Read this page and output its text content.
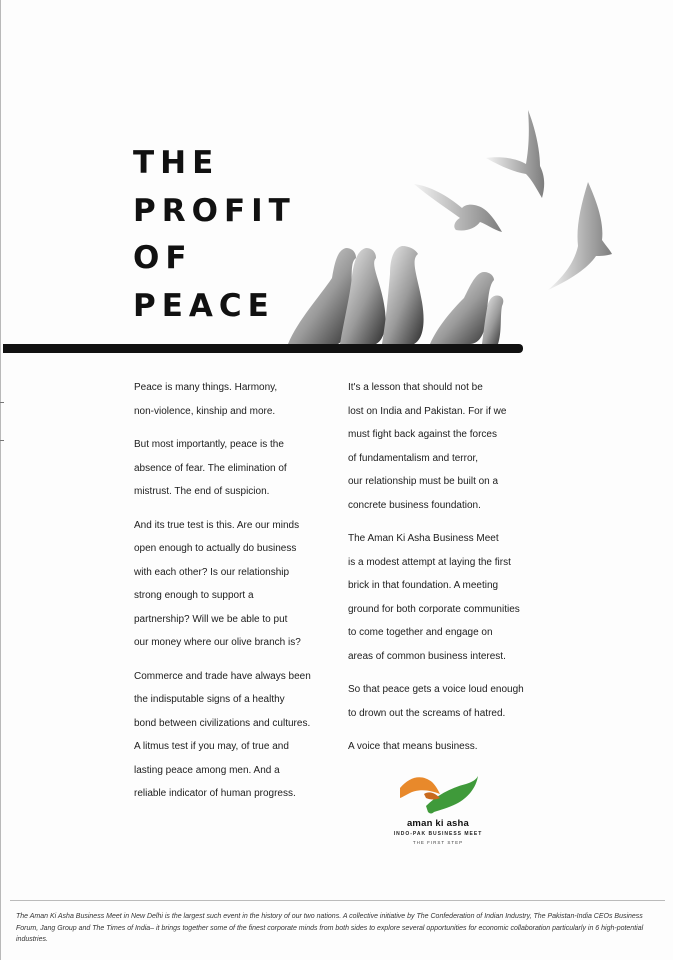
THE
PROFIT
OF
PEACE

Peace is many things. Harmony,
non-violence, kinship and more.

But most importantly, peace is the
absence of fear. The elimination of
mistrust. The end of suspicion.

And its true test is this. Are our minds
open enough to actually do business
with each other? Is our relationship
strong enough to support a
partnership? Will we be able to put
our money where our olive branch is?

Commerce and trade have always been
the indisputable signs of a healthy
bond between civilizations and cultures.
A litmus test if you may, of true and
lasting peace among men. And a
reliable indicator of human progress.

It's a lesson that should not be
lost on India and Pakistan. For if we
must fight back against the forces
of fundamentalism and terror,
our relationship must be built on a
concrete business foundation.

The Aman Ki Asha Business Meet
is a modest attempt at laying the first
brick in that foundation. A meeting
ground for both corporate communities
to come together and engage on
areas of common business interest.

So that peace gets a voice loud enough
to drown out the screams of hatred.

A voice that means business.

aman ki asha
INDO-PAK BUSINESS MEET
THE FIRST STEP
The Aman Ki Asha Business Meet in New Delhi is the largest such event in the history of our two nations. A collective initiative by The Confederation of Indian Industry, The Pakistan-India CEOs Business Forum, Jang Group and The Times of India– it brings together some of the finest corporate minds from both sides to explore several opportunities for economic collaboration particularly in 6 high-potential industries.
